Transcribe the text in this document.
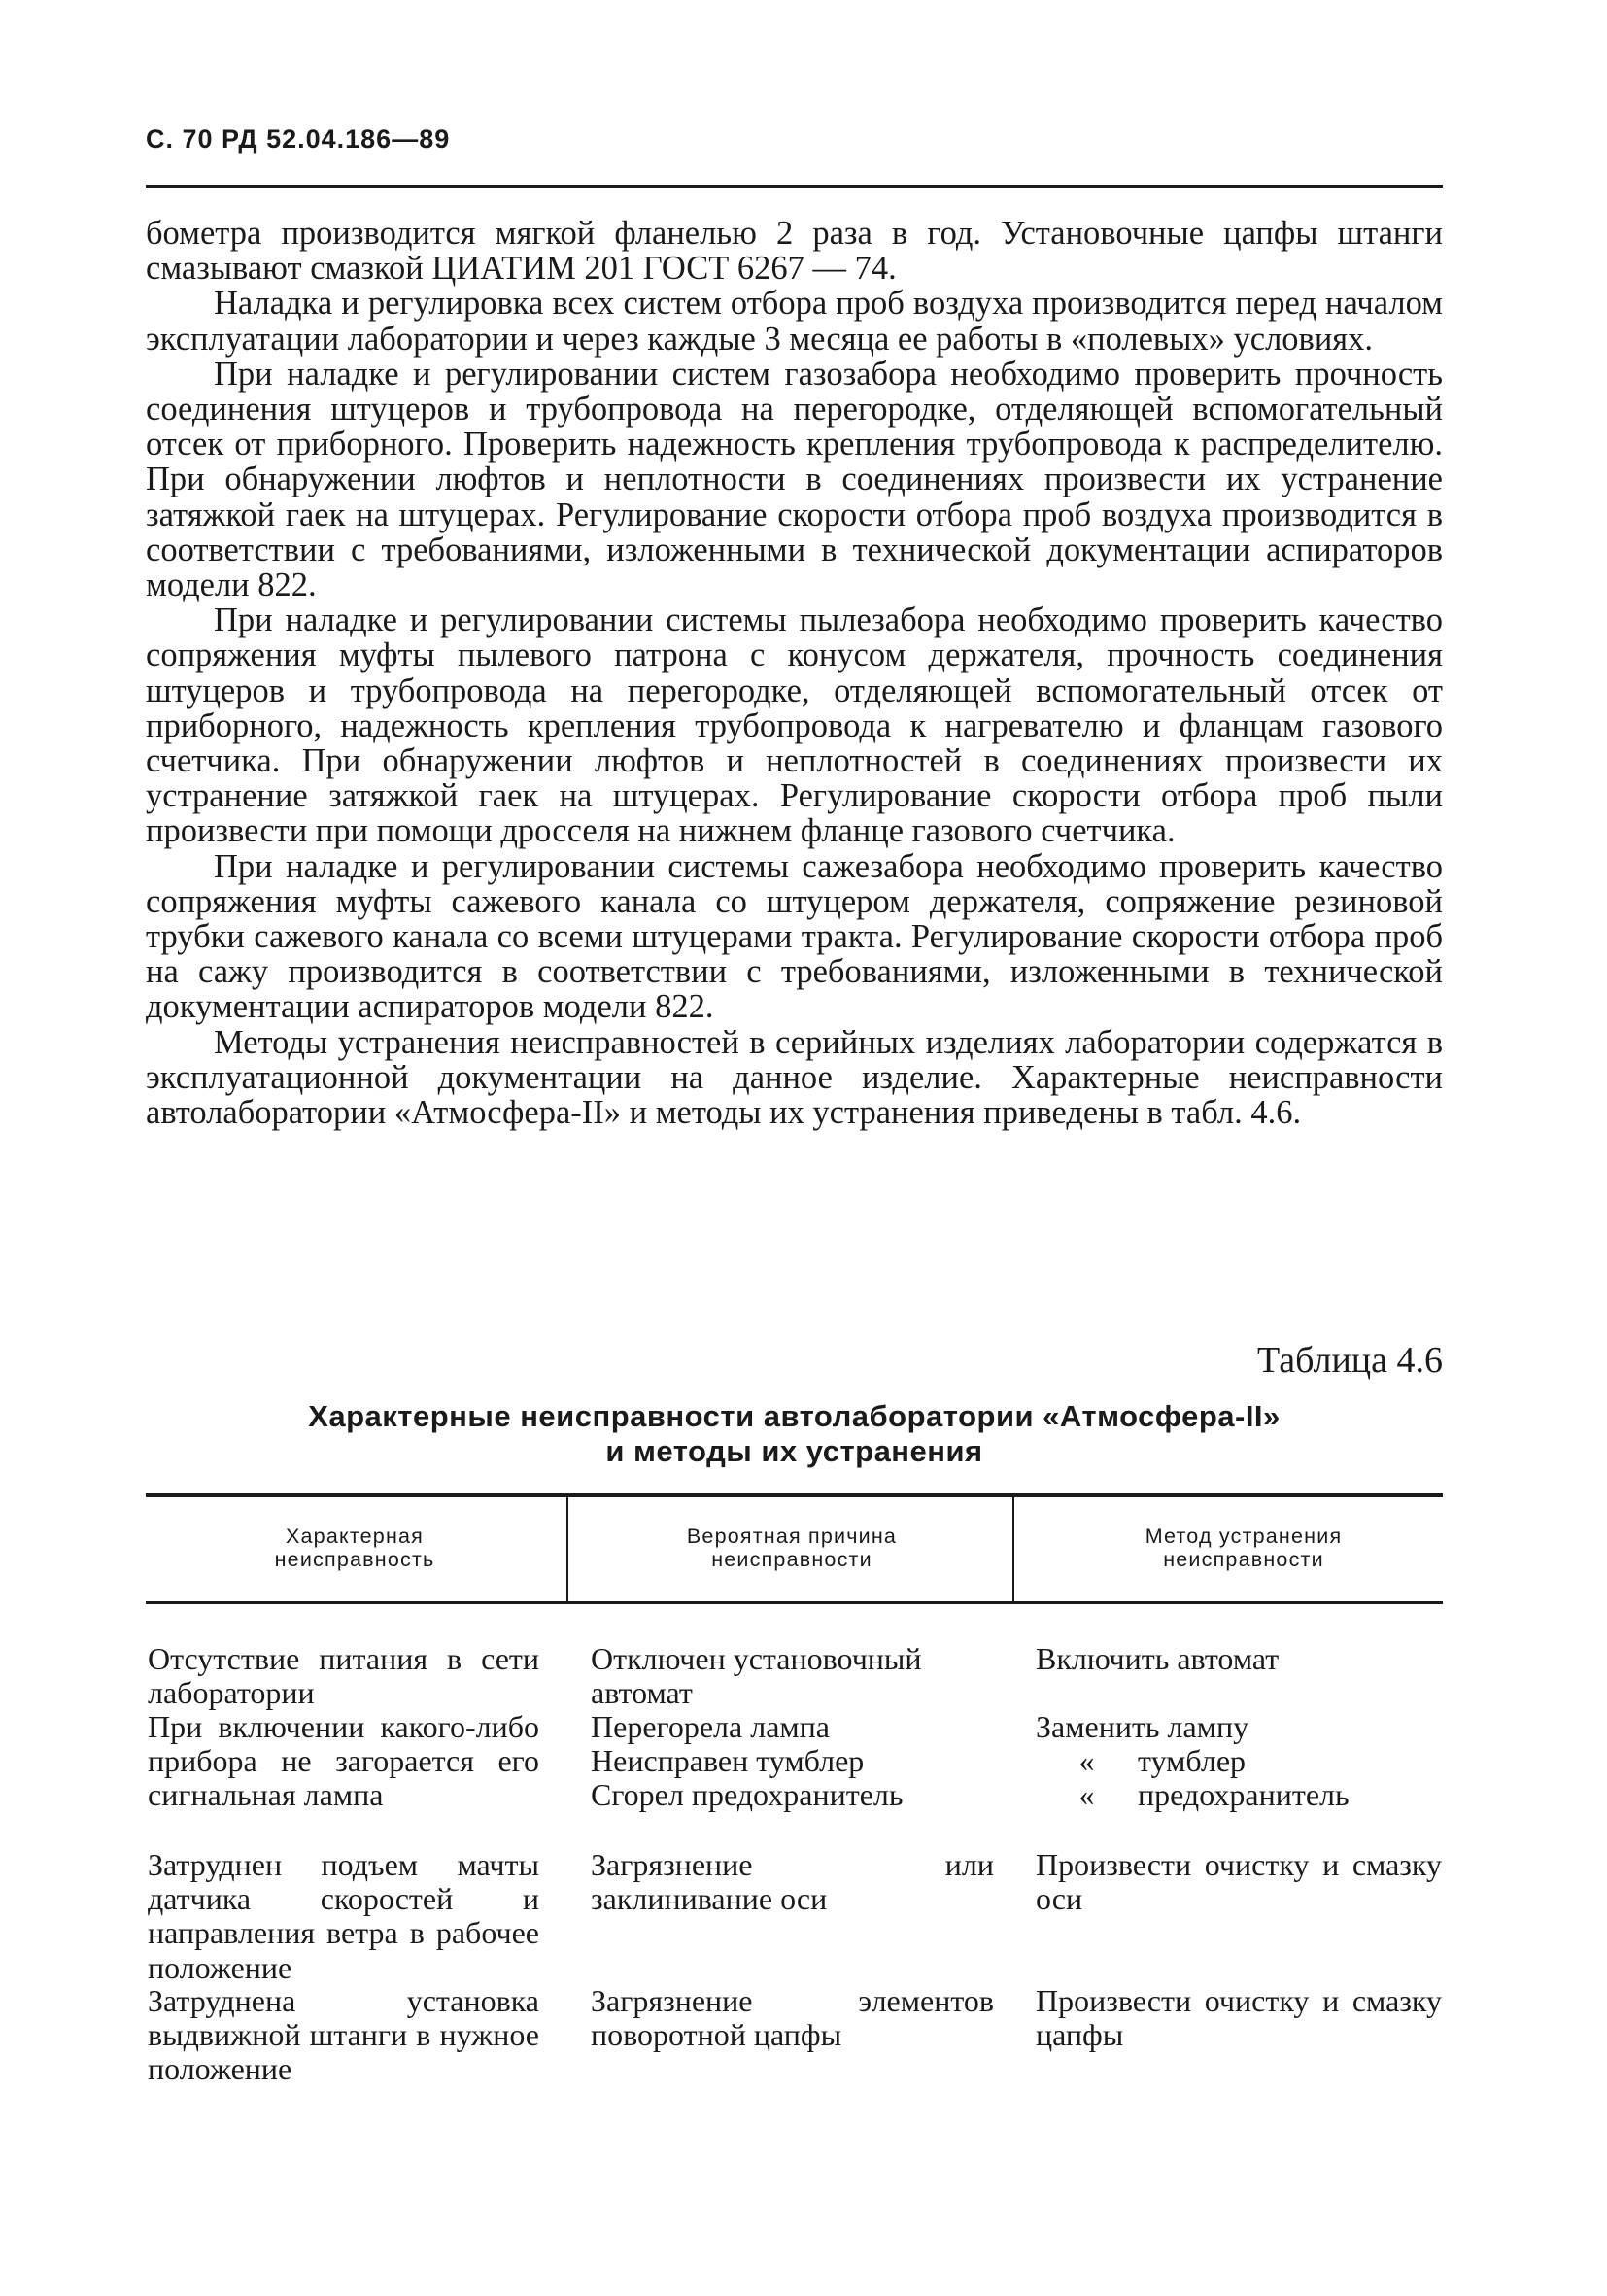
С. 70 РД 52.04.186—89

бометра производится мягкой фланелью 2 раза в год. Установочные цапфы штанги смазывают смазкой ЦИАТИМ 201 ГОСТ 6267 — 74.

Наладка и регулировка всех систем отбора проб воздуха производится перед началом эксплуатации лаборатории и через каждые 3 месяца ее работы в «полевых» условиях.

При наладке и регулировании систем газозабора необходимо проверить прочность соединения штуцеров и трубопровода на перегородке, отделяющей вспомогательный отсек от приборного. Проверить надежность крепления трубопровода к распределителю. При обнаружении люфтов и неплотности в соединениях произвести их устранение затяжкой гаек на штуцерах. Регулирование скорости отбора проб воздуха производится в соответствии с требованиями, изложенными в технической документации аспираторов модели 822.

При наладке и регулировании системы пылезабора необходимо проверить качество сопряжения муфты пылевого патрона с конусом держателя, прочность соединения штуцеров и трубопровода на перегородке, отделяющей вспомогательный отсек от приборного, надежность крепления трубопровода к нагревателю и фланцам газового счетчика. При обнаружении люфтов и неплотностей в соединениях произвести их устранение затяжкой гаек на штуцерах. Регулирование скорости отбора проб пыли произвести при помощи дросселя на нижнем фланце газового счетчика.

При наладке и регулировании системы сажезабора необходимо проверить качество сопряжения муфты сажевого канала со штуцером держателя, сопряжение резиновой трубки сажевого канала со всеми штуцерами тракта. Регулирование скорости отбора проб на сажу производится в соответствии с требованиями, изложенными в технической документации аспираторов модели 822.

Методы устранения неисправностей в серийных изделиях лаборатории содержатся в эксплуатационной документации на данное изделие. Характерные неисправности автолаборатории «Атмосфера-II» и методы их устранения приведены в табл. 4.6.

Таблица 4.6
Характерные неисправности автолаборатории «Атмосфера-II»
и методы их устранения
Характерная неисправность
Вероятная причина неисправности
Метод устранения неисправности
Отсутствие питания в сети лаборатории
Отключен установочный автомат
Включить автомат
При включении какого-либо прибора не загорается его сигнальная лампа
Перегорела лампа
Неисправен тумблер
Сгорел предохранитель
Заменить лампу
« тумблер
« предохранитель
Затруднен подъем мачты датчика скоростей и направления ветра в рабочее положение
Загрязнение или заклинивание оси
Произвести очистку и смазку оси
Затруднена установка выдвижной штанги в нужное положение
Загрязнение элементов поворотной цапфы
Произвести очистку и смазку цапфы
